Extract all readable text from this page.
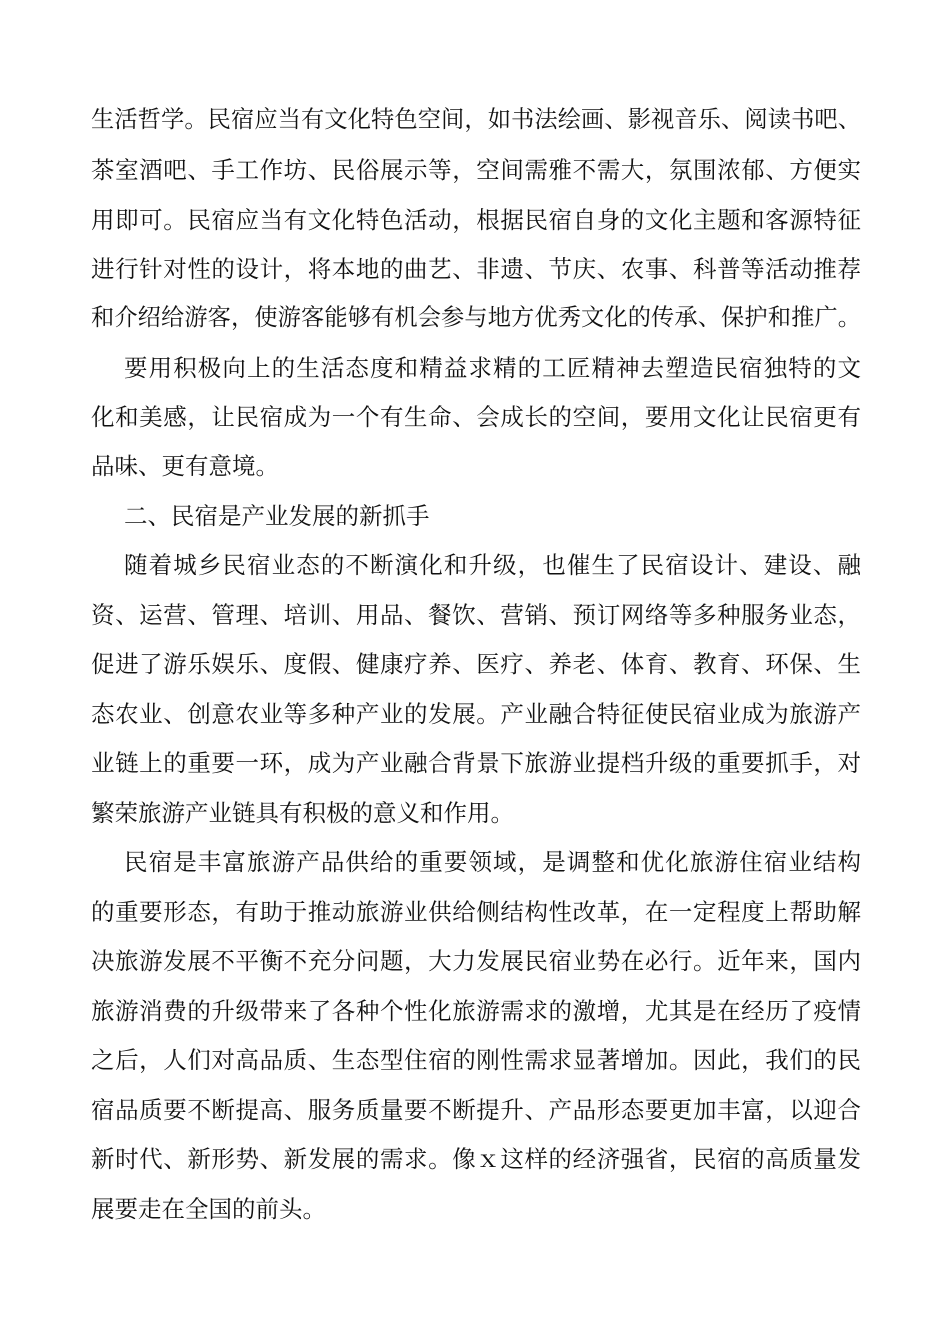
生活哲学。民宿应当有文化特色空间，如书法绘画、影视音乐、阅读书吧、
茶室酒吧、手工作坊、民俗展示等，空间需雅不需大，氛围浓郁、方便实
用即可。民宿应当有文化特色活动，根据民宿自身的文化主题和客源特征
进行针对性的设计，将本地的曲艺、非遗、节庆、农事、科普等活动推荐
和介绍给游客，使游客能够有机会参与地方优秀文化的传承、保护和推广。
要用积极向上的生活态度和精益求精的工匠精神去塑造民宿独特的文
化和美感，让民宿成为一个有生命、会成长的空间，要用文化让民宿更有
品味、更有意境。
二、民宿是产业发展的新抓手
随着城乡民宿业态的不断演化和升级，也催生了民宿设计、建设、融
资、运营、管理、培训、用品、餐饮、营销、预订网络等多种服务业态，
促进了游乐娱乐、度假、健康疗养、医疗、养老、体育、教育、环保、生
态农业、创意农业等多种产业的发展。产业融合特征使民宿业成为旅游产
业链上的重要一环，成为产业融合背景下旅游业提档升级的重要抓手，对
繁荣旅游产业链具有积极的意义和作用。
民宿是丰富旅游产品供给的重要领域，是调整和优化旅游住宿业结构
的重要形态，有助于推动旅游业供给侧结构性改革，在一定程度上帮助解
决旅游发展不平衡不充分问题，大力发展民宿业势在必行。近年来，国内
旅游消费的升级带来了各种个性化旅游需求的激增，尤其是在经历了疫情
之后，人们对高品质、生态型住宿的刚性需求显著增加。因此，我们的民
宿品质要不断提高、服务质量要不断提升、产品形态要更加丰富，以迎合
新时代、新形势、新发展的需求。像ｘ这样的经济强省，民宿的高质量发
展要走在全国的前头。
